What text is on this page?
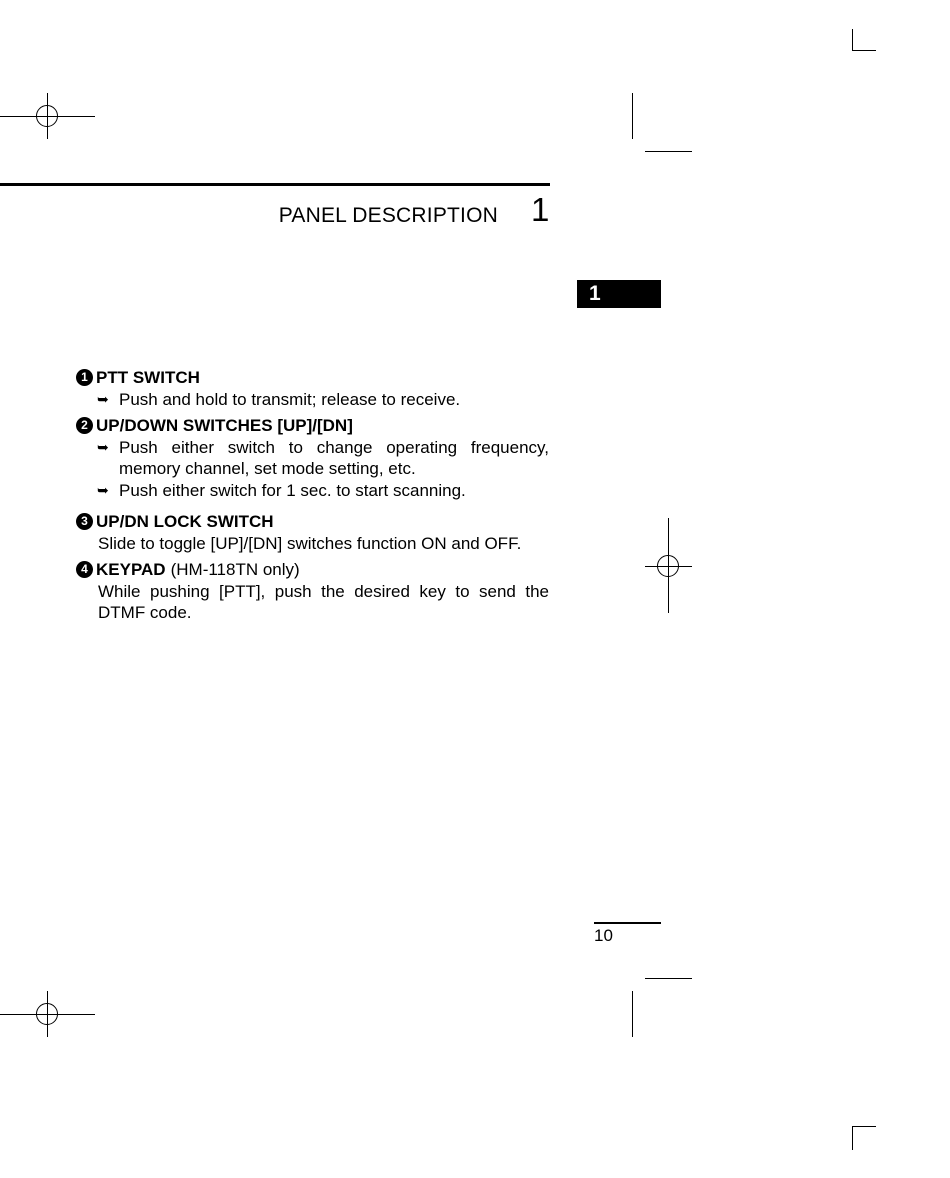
PANEL DESCRIPTION 1
1
1 PTT SWITCH
➥ Push and hold to transmit; release to receive.
2 UP/DOWN SWITCHES [UP]/[DN]
➥ Push either switch to change operating frequency, memory channel, set mode setting, etc.
➥ Push either switch for 1 sec. to start scanning.
3 UP/DN LOCK SWITCH
Slide to toggle [UP]/[DN] switches function ON and OFF.
4 KEYPAD (HM-118TN only)
While pushing [PTT], push the desired key to send the DTMF code.
10
